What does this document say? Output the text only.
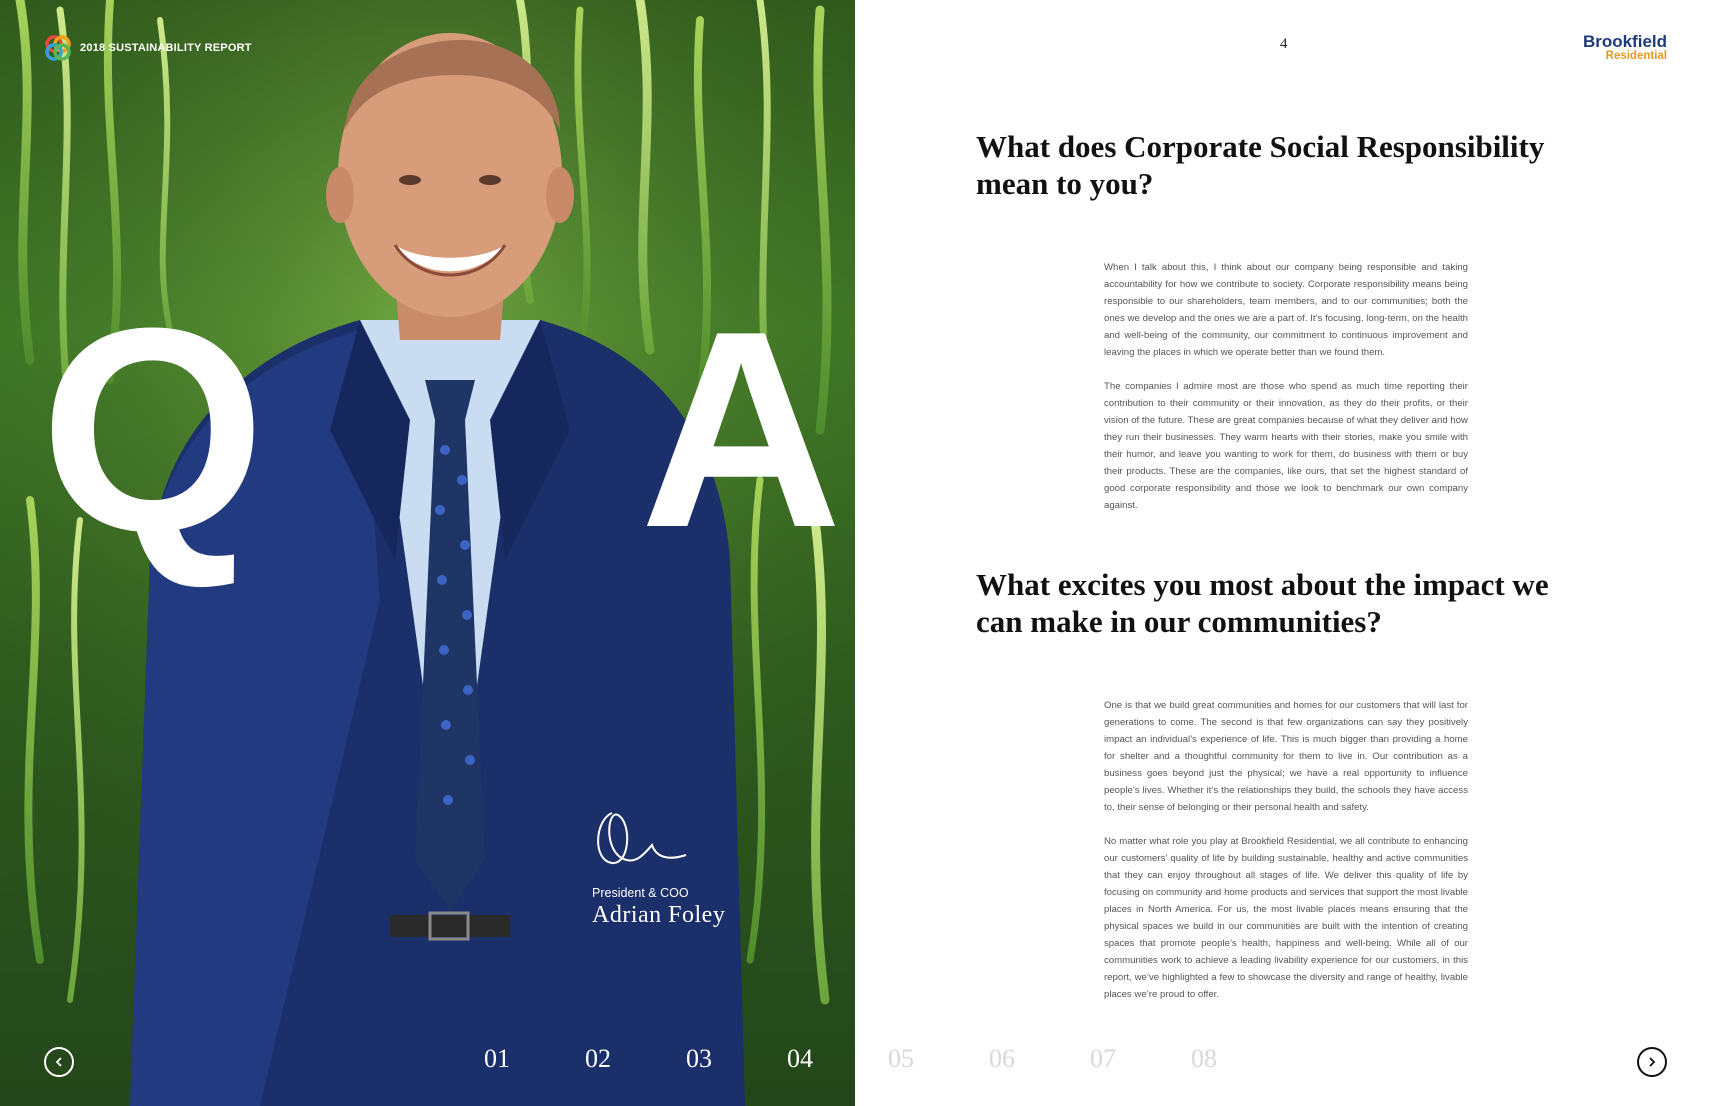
2018 SUSTAINABILITY REPORT
Q A
President & COO
Adrian Foley
01	02	03	04	05	06	07	08
4	Brookfield
Residential
What does Corporate Social Responsibility mean to you?

When I talk about this, I think about our company being responsible and taking accountability for how we contribute to society. Corporate responsibility means being responsible to our shareholders, team members, and to our communities; both the ones we develop and the ones we are a part of. It’s focusing, long-term, on the health and well-being of the community, our commitment to continuous improvement and leaving the places in which we operate better than we found them.

The companies I admire most are those who spend as much time reporting their contribution to their community or their innovation, as they do their profits, or their vision of the future. These are great companies because of what they deliver and how they run their businesses. They warm hearts with their stories, make you smile with their humor, and leave you wanting to work for them, do business with them or buy their products. These are the companies, like ours, that set the highest standard of good corporate responsibility and those we look to benchmark our own company against.

What excites you most about the impact we can make in our communities?

One is that we build great communities and homes for our customers that will last for generations to come. The second is that few organizations can say they positively impact an individual’s experience of life. This is much bigger than providing a home for shelter and a thoughtful community for them to live in. Our contribution as a business goes beyond just the physical; we have a real opportunity to influence people’s lives. Whether it’s the relationships they build, the schools they have access to, their sense of belonging or their personal health and safety.

No matter what role you play at Brookfield Residential, we all contribute to enhancing our customers’ quality of life by building sustainable, healthy and active communities that they can enjoy throughout all stages of life. We deliver this quality of life by focusing on community and home products and services that support the most livable places in North America. For us, the most livable places means ensuring that the physical spaces we build in our communities are built with the intention of creating spaces that promote people’s health, happiness and well-being. While all of our communities work to achieve a leading livability experience for our customers, in this report, we’ve highlighted a few to showcase the diversity and range of healthy, livable places we’re proud to offer.
